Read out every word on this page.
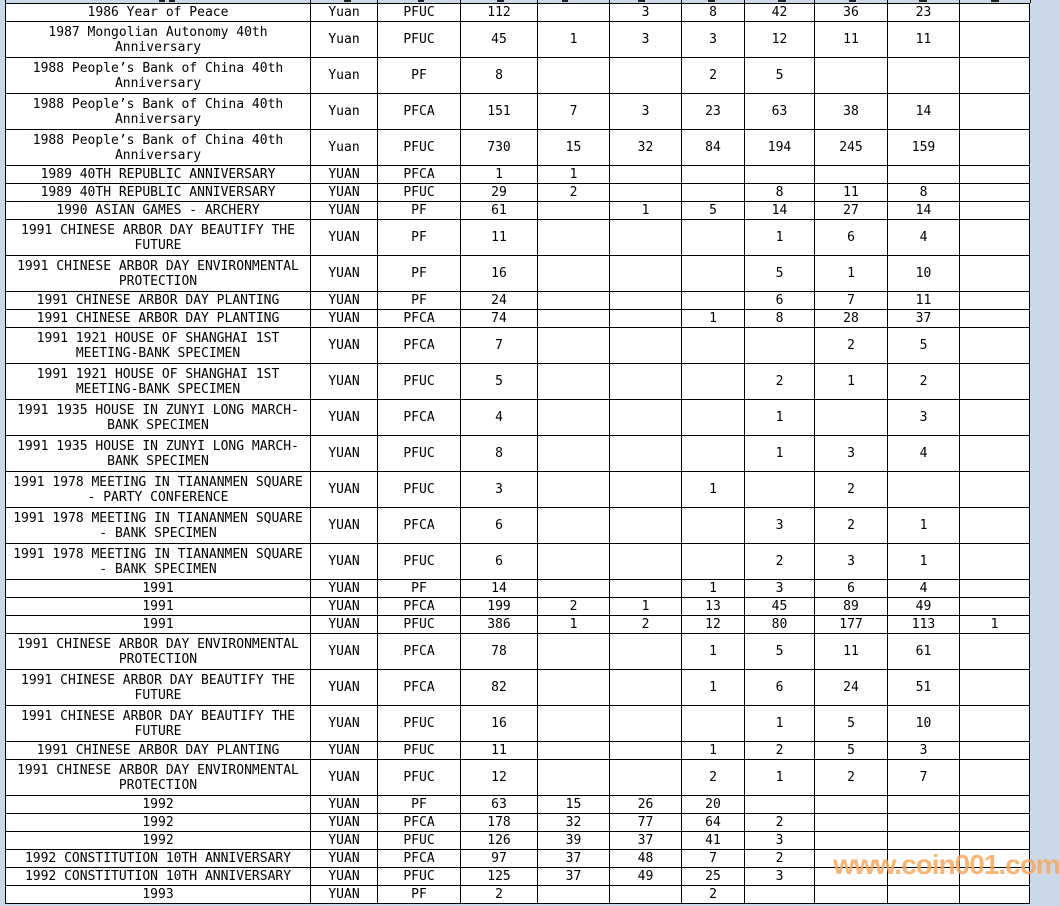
1986 Year of Peace	Yuan	PFUC	112		3	8	42	36	23	
1987 Mongolian Autonomy 40th Anniversary	Yuan	PFUC	45	1	3	3	12	11	11	
1988 People’s Bank of China 40th Anniversary	Yuan	PF	8			2	5			
1988 People’s Bank of China 40th Anniversary	Yuan	PFCA	151	7	3	23	63	38	14	
1988 People’s Bank of China 40th Anniversary	Yuan	PFUC	730	15	32	84	194	245	159	
1989 40TH REPUBLIC ANNIVERSARY	YUAN	PFCA	1	1						
1989 40TH REPUBLIC ANNIVERSARY	YUAN	PFUC	29	2			8	11	8	
1990 ASIAN GAMES - ARCHERY	YUAN	PF	61		1	5	14	27	14	
1991 CHINESE ARBOR DAY BEAUTIFY THE FUTURE	YUAN	PF	11				1	6	4	
1991 CHINESE ARBOR DAY ENVIRONMENTAL PROTECTION	YUAN	PF	16				5	1	10	
1991 CHINESE ARBOR DAY PLANTING	YUAN	PF	24				6	7	11	
1991 CHINESE ARBOR DAY PLANTING	YUAN	PFCA	74			1	8	28	37	
1991 1921 HOUSE OF SHANGHAI 1ST MEETING-BANK SPECIMEN	YUAN	PFCA	7					2	5	
1991 1921 HOUSE OF SHANGHAI 1ST MEETING-BANK SPECIMEN	YUAN	PFUC	5				2	1	2	
1991 1935 HOUSE IN ZUNYI LONG MARCH-BANK SPECIMEN	YUAN	PFCA	4				1		3	
1991 1935 HOUSE IN ZUNYI LONG MARCH-BANK SPECIMEN	YUAN	PFUC	8				1	3	4	
1991 1978 MEETING IN TIANANMEN SQUARE - PARTY CONFERENCE	YUAN	PFUC	3			1		2		
1991 1978 MEETING IN TIANANMEN SQUARE - BANK SPECIMEN	YUAN	PFCA	6				3	2	1	
1991 1978 MEETING IN TIANANMEN SQUARE - BANK SPECIMEN	YUAN	PFUC	6				2	3	1	
1991	YUAN	PF	14			1	3	6	4	
1991	YUAN	PFCA	199	2	1	13	45	89	49	
1991	YUAN	PFUC	386	1	2	12	80	177	113	1
1991 CHINESE ARBOR DAY ENVIRONMENTAL PROTECTION	YUAN	PFCA	78			1	5	11	61	
1991 CHINESE ARBOR DAY BEAUTIFY THE FUTURE	YUAN	PFCA	82			1	6	24	51	
1991 CHINESE ARBOR DAY BEAUTIFY THE FUTURE	YUAN	PFUC	16				1	5	10	
1991 CHINESE ARBOR DAY PLANTING	YUAN	PFUC	11			1	2	5	3	
1991 CHINESE ARBOR DAY ENVIRONMENTAL PROTECTION	YUAN	PFUC	12			2	1	2	7	
1992	YUAN	PF	63	15	26	20				
1992	YUAN	PFCA	178	32	77	64	2			
1992	YUAN	PFUC	126	39	37	41	3			
1992 CONSTITUTION 10TH ANNIVERSARY	YUAN	PFCA	97	37	48	7	2			
1992 CONSTITUTION 10TH ANNIVERSARY	YUAN	PFUC	125	37	49	25	3			
1993	YUAN	PF	2			2				
www.coin001.com
